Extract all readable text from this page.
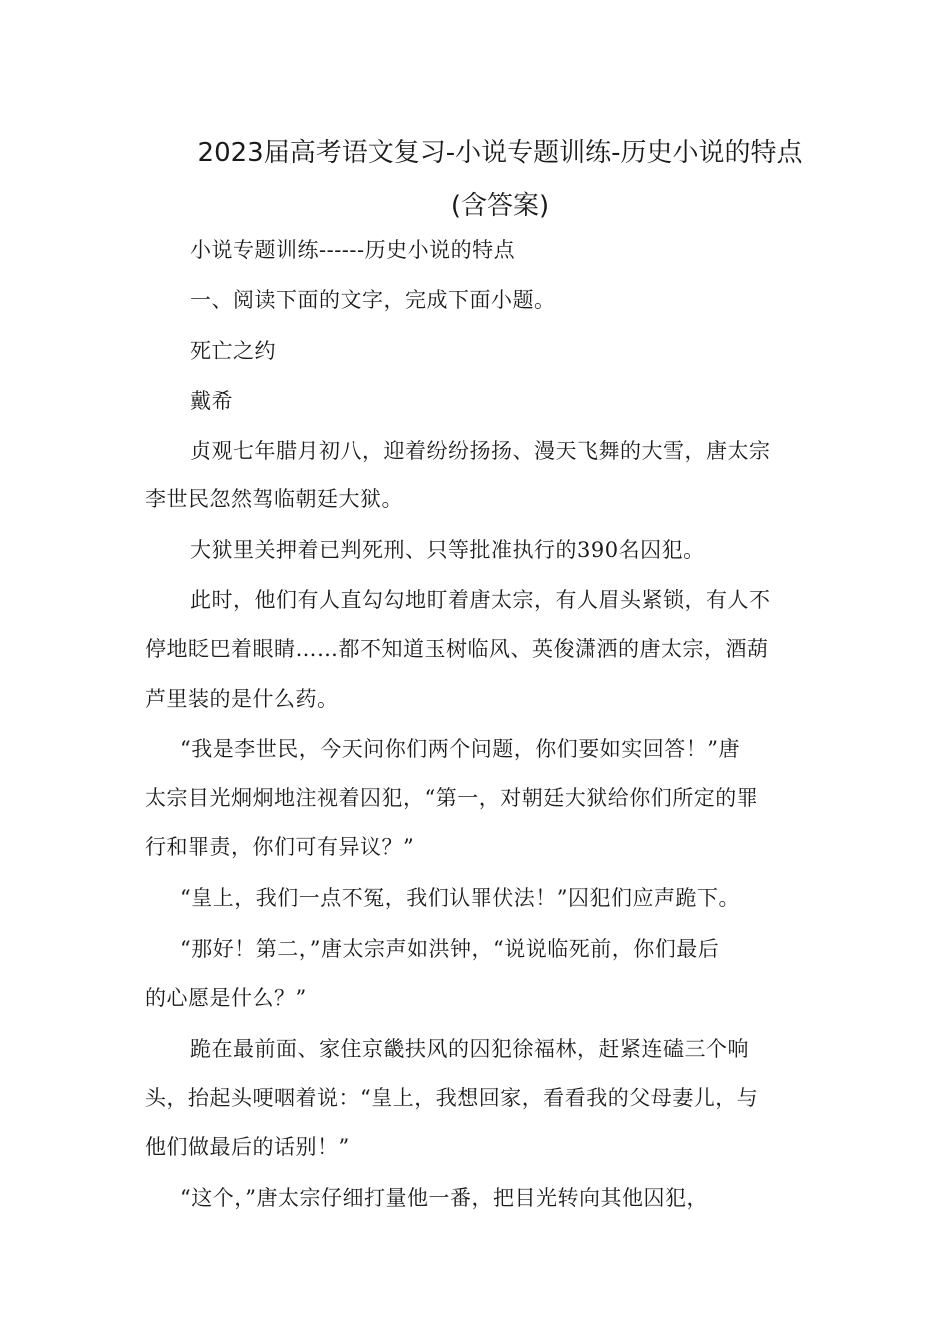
2023届高考语文复习-小说专题训练-历史小说的特点
(含答案)

小说专题训练------历史小说的特点

一、阅读下面的文字，完成下面小题。

死亡之约

戴希

贞观七年腊月初八，迎着纷纷扬扬、漫天飞舞的大雪，唐太宗

李世民忽然驾临朝廷大狱。

大狱里关押着已判死刑、只等批准执行的390名囚犯。

此时，他们有人直勾勾地盯着唐太宗，有人眉头紧锁，有人不

停地眨巴着眼睛……都不知道玉树临风、英俊潇洒的唐太宗，酒葫

芦里装的是什么药。

“我是李世民，今天问你们两个问题，你们要如实回答！”唐

太宗目光炯炯地注视着囚犯，“第一，对朝廷大狱给你们所定的罪

行和罪责，你们可有异议？”

“皇上，我们一点不冤，我们认罪伏法！”囚犯们应声跪下。

“那好！第二，”唐太宗声如洪钟，“说说临死前，你们最后

的心愿是什么？”

跪在最前面、家住京畿扶风的囚犯徐福林，赶紧连磕三个响

头，抬起头哽咽着说：“皇上，我想回家，看看我的父母妻儿，与

他们做最后的话别！”

“这个，”唐太宗仔细打量他一番，把目光转向其他囚犯，
